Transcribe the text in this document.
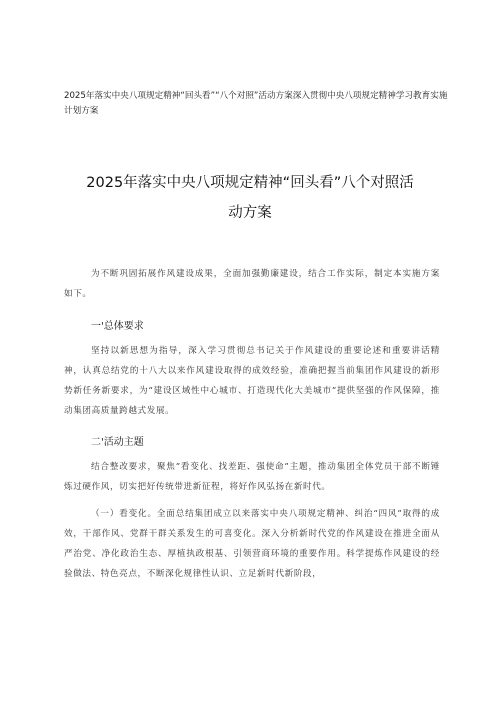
2025年落实中央八项规定精神“回头看”“八个对照”活动方案深入贯彻中央八项规定精神学习教育实施计划方案
2025年落实中央八项规定精神“回头看”八个对照活
动方案
为不断巩固拓展作风建设成果，全面加强勤廉建设，结合工作实际，制定本实施方案如下。
一'总体要求
坚持以新思想为指导，深入学习贯彻总书记关于作风建设的重要论述和重要讲话精神，认真总结党的十八大以来作风建设取得的成效经验，准确把握当前集团作风建设的新形势新任务新要求，为“建设区域性中心城市、打造现代化大美城市”提供坚强的作风保障，推动集团高质量跨越式发展。
二'活动主题
结合整改要求，聚焦”看变化、找差距、强使命”主题，推动集团全体党员干部不断锤炼过硬作风，切实把好传统带进新征程，将好作风弘扬在新时代。
（一）看变化。全面总结集团成立以来落实中央八项规定精神、纠治“四风”取得的成效，干部作风、党群干群关系发生的可喜变化。深入分析新时代党的作风建设在推进全面从严治党、净化政治生态、厚植执政根基、引领营商环境的重要作用。科学提炼作风建设的经验做法、特色亮点，不断深化规律性认识、立足新时代新阶段，
